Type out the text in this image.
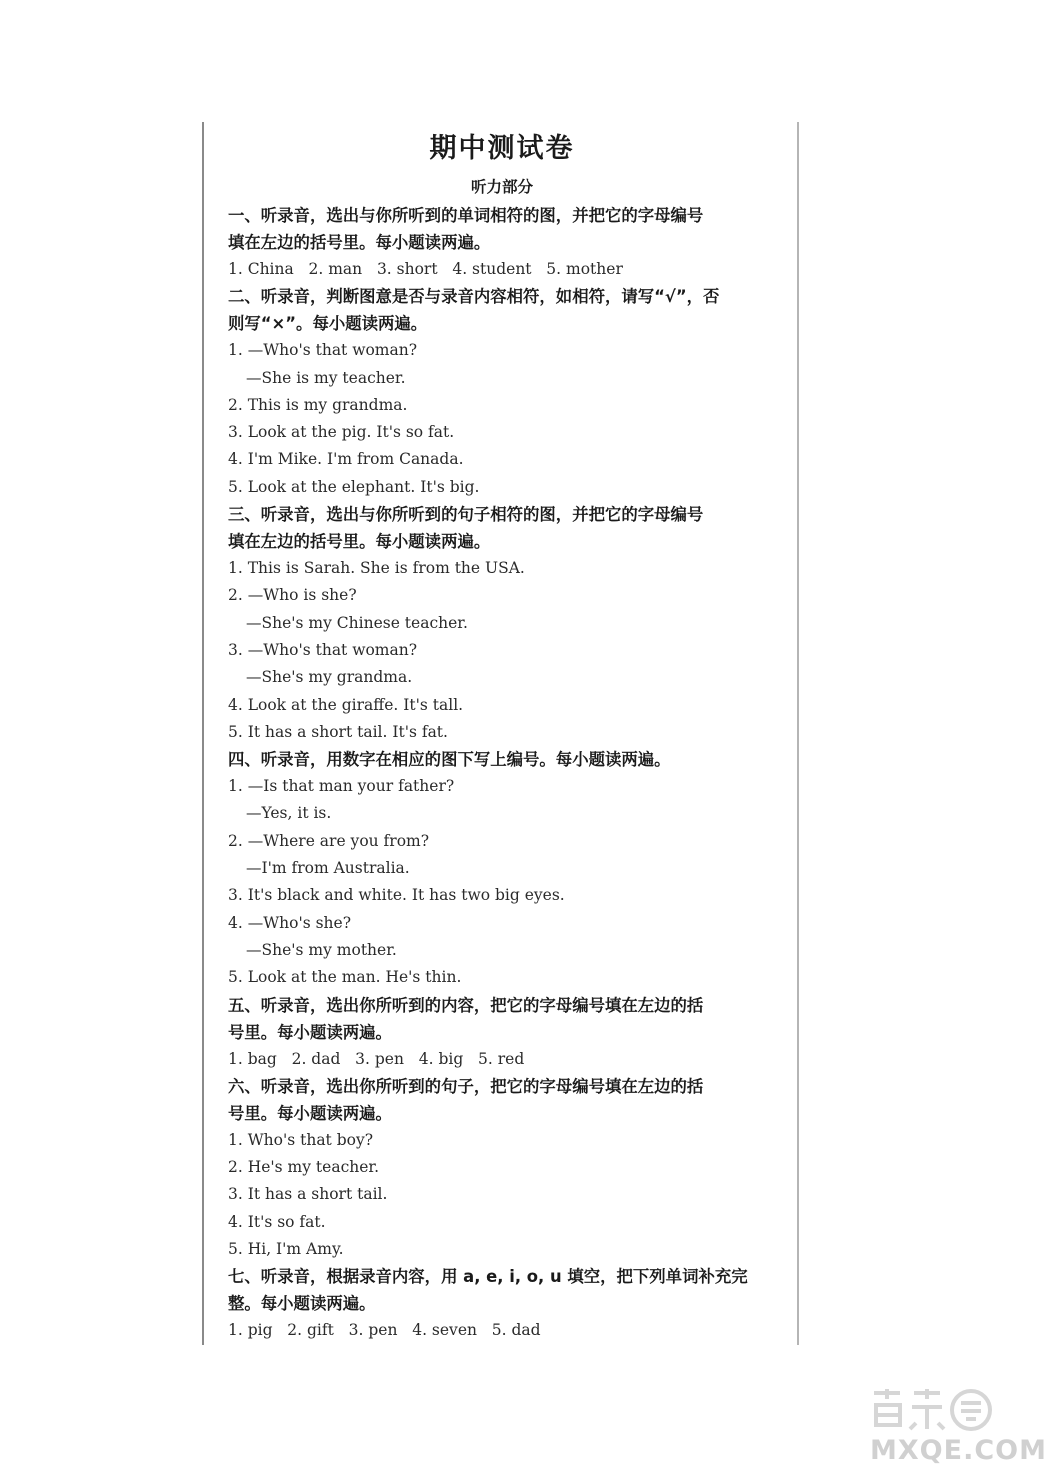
期中测试卷
听力部分
一、听录音，选出与你所听到的单词相符的图，并把它的字母编号
填在左边的括号里。每小题读两遍。
1. China   2. man   3. short   4. student   5. mother
二、听录音，判断图意是否与录音内容相符，如相符，请写“√”，否
则写“×”。每小题读两遍。
1. —Who's that woman?
—She is my teacher.
2. This is my grandma.
3. Look at the pig. It's so fat.
4. I'm Mike. I'm from Canada.
5. Look at the elephant. It's big.
三、听录音，选出与你所听到的句子相符的图，并把它的字母编号
填在左边的括号里。每小题读两遍。
1. This is Sarah. She is from the USA.
2. —Who is she?
—She's my Chinese teacher.
3. —Who's that woman?
—She's my grandma.
4. Look at the giraffe. It's tall.
5. It has a short tail. It's fat.
四、听录音，用数字在相应的图下写上编号。每小题读两遍。
1. —Is that man your father?
—Yes, it is.
2. —Where are you from?
—I'm from Australia.
3. It's black and white. It has two big eyes.
4. —Who's she?
—She's my mother.
5. Look at the man. He's thin.
五、听录音，选出你所听到的内容，把它的字母编号填在左边的括
号里。每小题读两遍。
1. bag   2. dad   3. pen   4. big   5. red
六、听录音，选出你所听到的句子，把它的字母编号填在左边的括
号里。每小题读两遍。
1. Who's that boy?
2. He's my teacher.
3. It has a short tail.
4. It's so fat.
5. Hi, I'm Amy.
七、听录音，根据录音内容，用 a, e, i, o, u 填空，把下列单词补充完
整。每小题读两遍。
1. pig   2. gift   3. pen   4. seven   5. dad
MXQE.COM
